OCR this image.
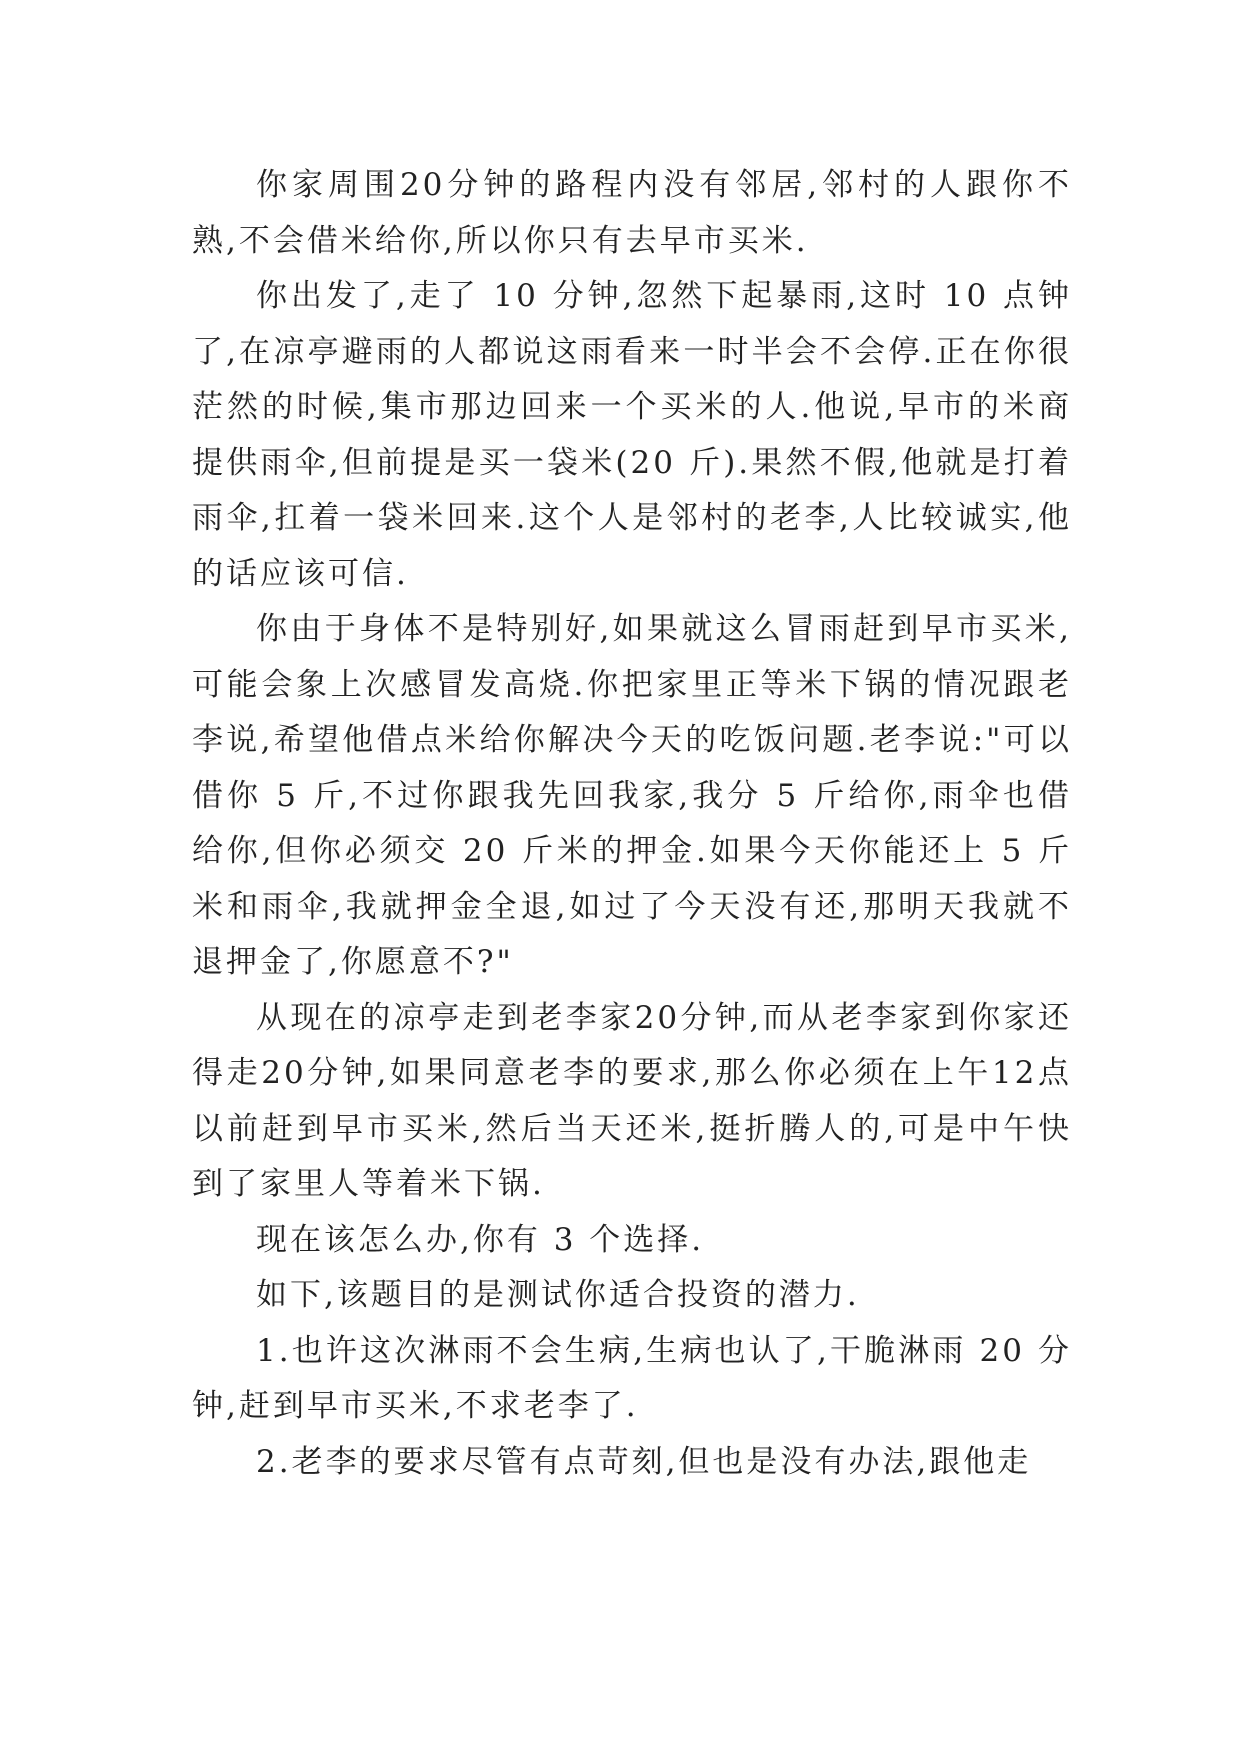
你家周围20分钟的路程内没有邻居,邻村的人跟你不熟,不会借米给你,所以你只有去早市买米.

你出发了,走了 10 分钟,忽然下起暴雨,这时 10 点钟了,在凉亭避雨的人都说这雨看来一时半会不会停.正在你很茫然的时候,集市那边回来一个买米的人.他说,早市的米商提供雨伞,但前提是买一袋米(20 斤).果然不假,他就是打着雨伞,扛着一袋米回来.这个人是邻村的老李,人比较诚实,他的话应该可信.

你由于身体不是特别好,如果就这么冒雨赶到早市买米,可能会象上次感冒发高烧.你把家里正等米下锅的情况跟老李说,希望他借点米给你解决今天的吃饭问题.老李说:"可以借你 5 斤,不过你跟我先回我家,我分 5 斤给你,雨伞也借给你,但你必须交 20 斤米的押金.如果今天你能还上 5 斤米和雨伞,我就押金全退,如过了今天没有还,那明天我就不退押金了,你愿意不?"

从现在的凉亭走到老李家20分钟,而从老李家到你家还得走20分钟,如果同意老李的要求,那么你必须在上午12点以前赶到早市买米,然后当天还米,挺折腾人的,可是中午快到了家里人等着米下锅.

现在该怎么办,你有 3 个选择.

如下,该题目的是测试你适合投资的潜力.

1.也许这次淋雨不会生病,生病也认了,干脆淋雨 20 分钟,赶到早市买米,不求老李了.

2.老李的要求尽管有点苛刻,但也是没有办法,跟他走
